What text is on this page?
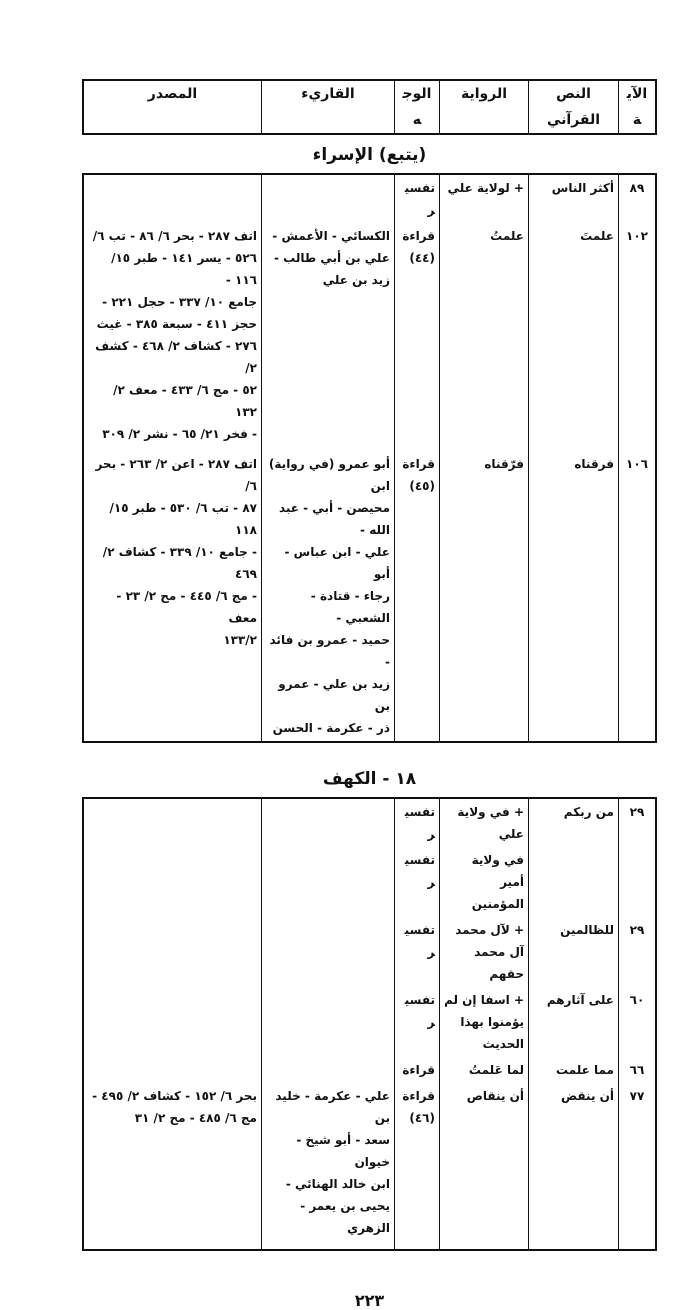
الآية
النص القرآني
الرواية
الوجه
القاريء
المصدر
(يتبع) الإسراء
٨٩
أكثر الناس
+ لولاية علي
تفسير
١٠٢
علمتَ
علمتُ
قراءة
(٤٤)
الكسائي - الأعمش -
علي بن أبي طالب -
زيد بن علي
اتف ٢٨٧ - بحر ٦/ ٨٦ - تب ٦/
٥٢٦ - يسر ١٤١ - طبر ١٥/ ١١٦ -
جامع ١٠/ ٣٣٧ - حجل ٢٢١ -
حجز ٤١١ - سبعة ٣٨٥ - غيث
٢٧٦ - كشاف ٢/ ٤٦٨ - كشف ٢/
٥٢ - مج ٦/ ٤٣٣ - معف ٢/ ١٣٢
- فخر ٢١/ ٦٥ - نشر ٢/ ٣٠٩
١٠٦
فرقناه
فرّقناه
قراءة
(٤٥)
أبو عمرو (في رواية) ابن
محيصن - أبي - عبد الله -
علي - ابن عباس - أبو
رجاء - قتادة - الشعبي -
حميد - عمرو بن فائد -
زيد بن علي - عمرو بن
ذر - عكرمة - الحسن
اتف ٢٨٧ - اعن ٢/ ٢٦٣ - بحر ٦/
٨٧ - تب ٦/ ٥٣٠ - طبر ١٥/ ١١٨
- جامع ١٠/ ٣٣٩ - كشاف ٢/ ٤٦٩
- مج ٦/ ٤٤٥ - مح ٢/ ٢٣ - معف
١٣٣/٢
١٨ - الكهف
٢٩
من ربكم
+ في ولاية علي
تفسير
في ولاية أمير
المؤمنين
تفسير
٢٩
للظالمين
+ لآل محمد
آل محمد حقهم
تفسير
٦٠
على آثارهم
+ اسفا إن لم
يؤمنوا بهذا
الحديث
تفسير
٦٦
مما علمت
لما عَلمتُ
قراءة
٧٧
أن ينقض
أن ينقاص
قراءة
(٤٦)
علي - عكرمة - خليد بن
سعد - أبو شيخ - خيوان
ابن خالد الهنائي -
يحيى بن يعمر - الزهري
بحر ٦/ ١٥٢ - كشاف ٢/ ٤٩٥ -
مج ٦/ ٤٨٥ - مح ٢/ ٣١
٢٢٣
